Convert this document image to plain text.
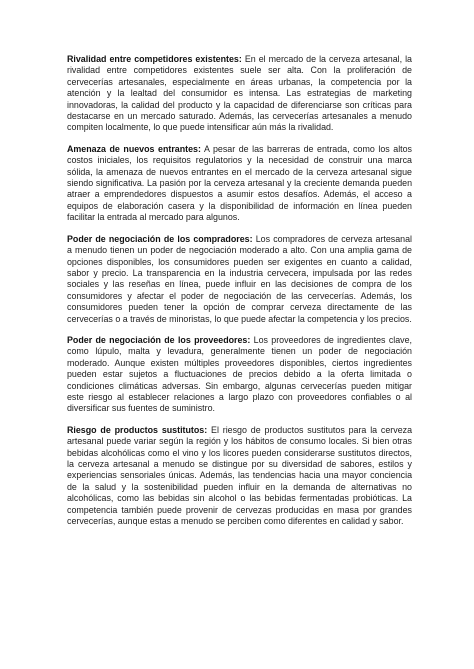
Rivalidad entre competidores existentes: En el mercado de la cerveza artesanal, la rivalidad entre competidores existentes suele ser alta. Con la proliferación de cervecerías artesanales, especialmente en áreas urbanas, la competencia por la atención y la lealtad del consumidor es intensa. Las estrategias de marketing innovadoras, la calidad del producto y la capacidad de diferenciarse son críticas para destacarse en un mercado saturado. Además, las cervecerías artesanales a menudo compiten localmente, lo que puede intensificar aún más la rivalidad.

Amenaza de nuevos entrantes: A pesar de las barreras de entrada, como los altos costos iniciales, los requisitos regulatorios y la necesidad de construir una marca sólida, la amenaza de nuevos entrantes en el mercado de la cerveza artesanal sigue siendo significativa. La pasión por la cerveza artesanal y la creciente demanda pueden atraer a emprendedores dispuestos a asumir estos desafíos. Además, el acceso a equipos de elaboración casera y la disponibilidad de información en línea pueden facilitar la entrada al mercado para algunos.

Poder de negociación de los compradores: Los compradores de cerveza artesanal a menudo tienen un poder de negociación moderado a alto. Con una amplia gama de opciones disponibles, los consumidores pueden ser exigentes en cuanto a calidad, sabor y precio. La transparencia en la industria cervecera, impulsada por las redes sociales y las reseñas en línea, puede influir en las decisiones de compra de los consumidores y afectar el poder de negociación de las cervecerías. Además, los consumidores pueden tener la opción de comprar cerveza directamente de las cervecerías o a través de minoristas, lo que puede afectar la competencia y los precios.

Poder de negociación de los proveedores: Los proveedores de ingredientes clave, como lúpulo, malta y levadura, generalmente tienen un poder de negociación moderado. Aunque existen múltiples proveedores disponibles, ciertos ingredientes pueden estar sujetos a fluctuaciones de precios debido a la oferta limitada o condiciones climáticas adversas. Sin embargo, algunas cervecerías pueden mitigar este riesgo al establecer relaciones a largo plazo con proveedores confiables o al diversificar sus fuentes de suministro.

Riesgo de productos sustitutos: El riesgo de productos sustitutos para la cerveza artesanal puede variar según la región y los hábitos de consumo locales. Si bien otras bebidas alcohólicas como el vino y los licores pueden considerarse sustitutos directos, la cerveza artesanal a menudo se distingue por su diversidad de sabores, estilos y experiencias sensoriales únicas. Además, las tendencias hacia una mayor conciencia de la salud y la sostenibilidad pueden influir en la demanda de alternativas no alcohólicas, como las bebidas sin alcohol o las bebidas fermentadas probióticas. La competencia también puede provenir de cervezas producidas en masa por grandes cervecerías, aunque estas a menudo se perciben como diferentes en calidad y sabor.
